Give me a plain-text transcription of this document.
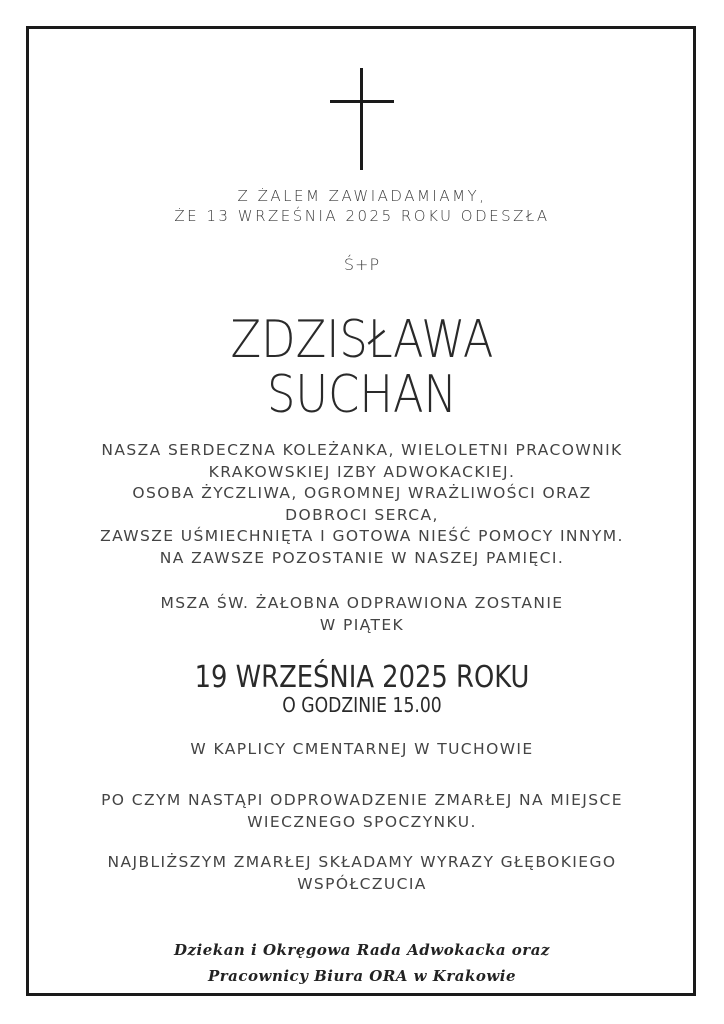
Z ŻALEM ZAWIADAMIAMY,
ŻE 13 WRZEŚNIA 2025 ROKU ODESZŁA
Ś+P
ZDZISŁAWA
SUCHAN
NASZA SERDECZNA KOLEŻANKA, WIELOLETNI PRACOWNIK
KRAKOWSKIEJ IZBY ADWOKACKIEJ.
OSOBA ŻYCZLIWA, OGROMNEJ WRAŻLIWOŚCI ORAZ
DOBROCI SERCA,
ZAWSZE UŚMIECHNIĘTA I GOTOWA NIEŚĆ POMOCY INNYM.
NA ZAWSZE POZOSTANIE W NASZEJ PAMIĘCI.
MSZA ŚW. ŻAŁOBNA ODPRAWIONA ZOSTANIE
W PIĄTEK
19 WRZEŚNIA 2025 ROKU
O GODZINIE 15.00
W KAPLICY CMENTARNEJ W TUCHOWIE
PO CZYM NASTĄPI ODPROWADZENIE ZMARŁEJ NA MIEJSCE
WIECZNEGO SPOCZYNKU.
NAJBLIŻSZYM ZMARŁEJ SKŁADAMY WYRAZY GŁĘBOKIEGO
WSPÓŁCZUCIA
Dziekan i Okręgowa Rada Adwokacka oraz
Pracownicy Biura ORA w Krakowie
